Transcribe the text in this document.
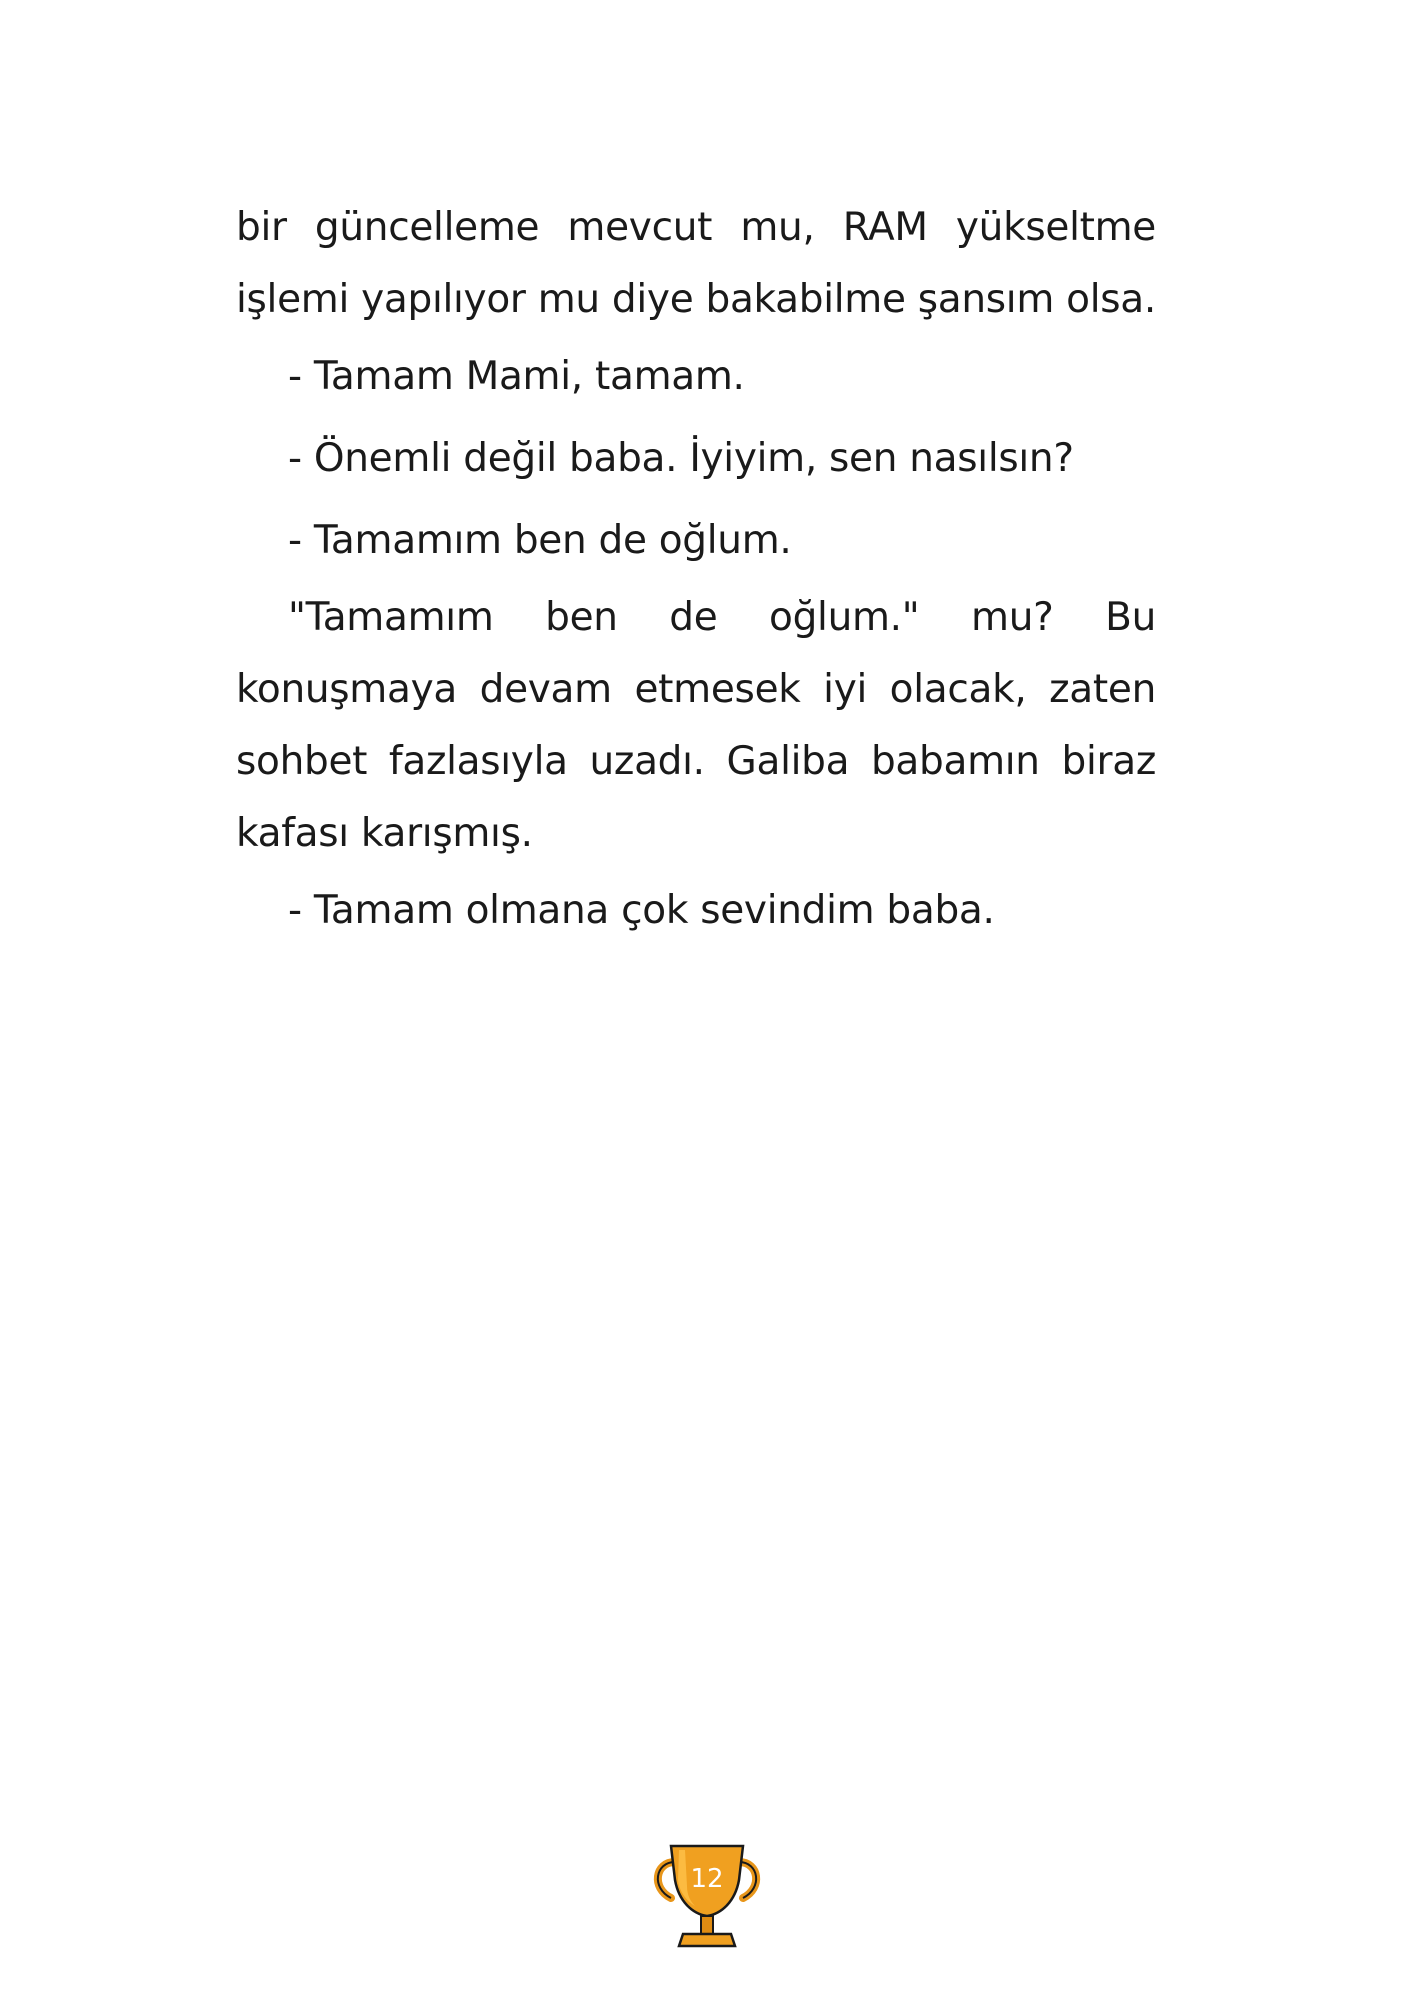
bir güncelleme mevcut mu, RAM yükseltme işlemi yapılıyor mu diye bakabilme şansım olsa.

- Tamam Mami, tamam.

- Önemli değil baba. İyiyim, sen nasılsın?

- Tamamım ben de oğlum.

"Tamamım ben de oğlum." mu? Bu konuşmaya devam etmesek iyi olacak, zaten sohbet fazlasıyla uzadı. Galiba babamın biraz kafası karışmış.

- Tamam olmana çok sevindim baba.

12
